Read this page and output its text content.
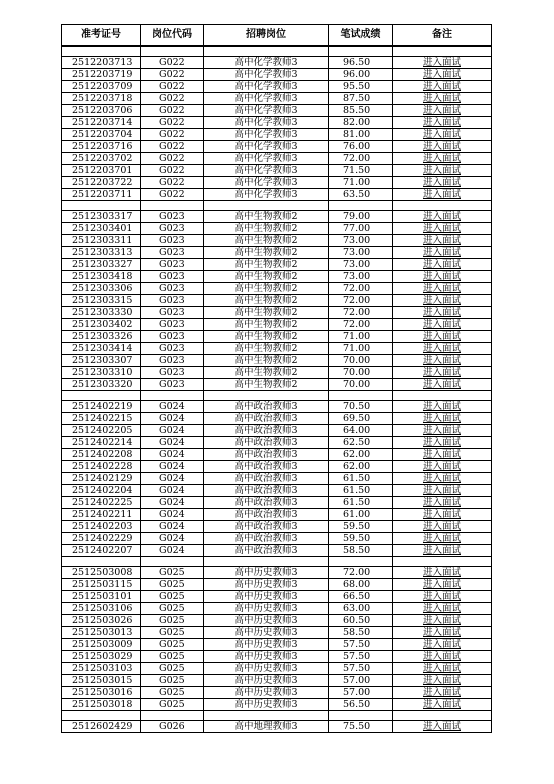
准考证号	岗位代码	招聘岗位	笔试成绩	备注

2512203713	G022	高中化学教师3	96.50	进入面试
2512203719	G022	高中化学教师3	96.00	进入面试
2512203709	G022	高中化学教师3	95.50	进入面试
2512203718	G022	高中化学教师3	87.50	进入面试
2512203706	G022	高中化学教师3	85.50	进入面试
2512203714	G022	高中化学教师3	82.00	进入面试
2512203704	G022	高中化学教师3	81.00	进入面试
2512203716	G022	高中化学教师3	76.00	进入面试
2512203702	G022	高中化学教师3	72.00	进入面试
2512203701	G022	高中化学教师3	71.50	进入面试
2512203722	G022	高中化学教师3	71.00	进入面试
2512203711	G022	高中化学教师3	63.50	进入面试

2512303317	G023	高中生物教师2	79.00	进入面试
2512303401	G023	高中生物教师2	77.00	进入面试
2512303311	G023	高中生物教师2	73.00	进入面试
2512303313	G023	高中生物教师2	73.00	进入面试
2512303327	G023	高中生物教师2	73.00	进入面试
2512303418	G023	高中生物教师2	73.00	进入面试
2512303306	G023	高中生物教师2	72.00	进入面试
2512303315	G023	高中生物教师2	72.00	进入面试
2512303330	G023	高中生物教师2	72.00	进入面试
2512303402	G023	高中生物教师2	72.00	进入面试
2512303326	G023	高中生物教师2	71.00	进入面试
2512303414	G023	高中生物教师2	71.00	进入面试
2512303307	G023	高中生物教师2	70.00	进入面试
2512303310	G023	高中生物教师2	70.00	进入面试
2512303320	G023	高中生物教师2	70.00	进入面试

2512402219	G024	高中政治教师3	70.50	进入面试
2512402215	G024	高中政治教师3	69.50	进入面试
2512402205	G024	高中政治教师3	64.00	进入面试
2512402214	G024	高中政治教师3	62.50	进入面试
2512402208	G024	高中政治教师3	62.00	进入面试
2512402228	G024	高中政治教师3	62.00	进入面试
2512402129	G024	高中政治教师3	61.50	进入面试
2512402204	G024	高中政治教师3	61.50	进入面试
2512402225	G024	高中政治教师3	61.50	进入面试
2512402211	G024	高中政治教师3	61.00	进入面试
2512402203	G024	高中政治教师3	59.50	进入面试
2512402229	G024	高中政治教师3	59.50	进入面试
2512402207	G024	高中政治教师3	58.50	进入面试

2512503008	G025	高中历史教师3	72.00	进入面试
2512503115	G025	高中历史教师3	68.00	进入面试
2512503101	G025	高中历史教师3	66.50	进入面试
2512503106	G025	高中历史教师3	63.00	进入面试
2512503026	G025	高中历史教师3	60.50	进入面试
2512503013	G025	高中历史教师3	58.50	进入面试
2512503009	G025	高中历史教师3	57.50	进入面试
2512503029	G025	高中历史教师3	57.50	进入面试
2512503103	G025	高中历史教师3	57.50	进入面试
2512503015	G025	高中历史教师3	57.00	进入面试
2512503016	G025	高中历史教师3	57.00	进入面试
2512503018	G025	高中历史教师3	56.50	进入面试

2512602429	G026	高中地理教师3	75.50	进入面试
